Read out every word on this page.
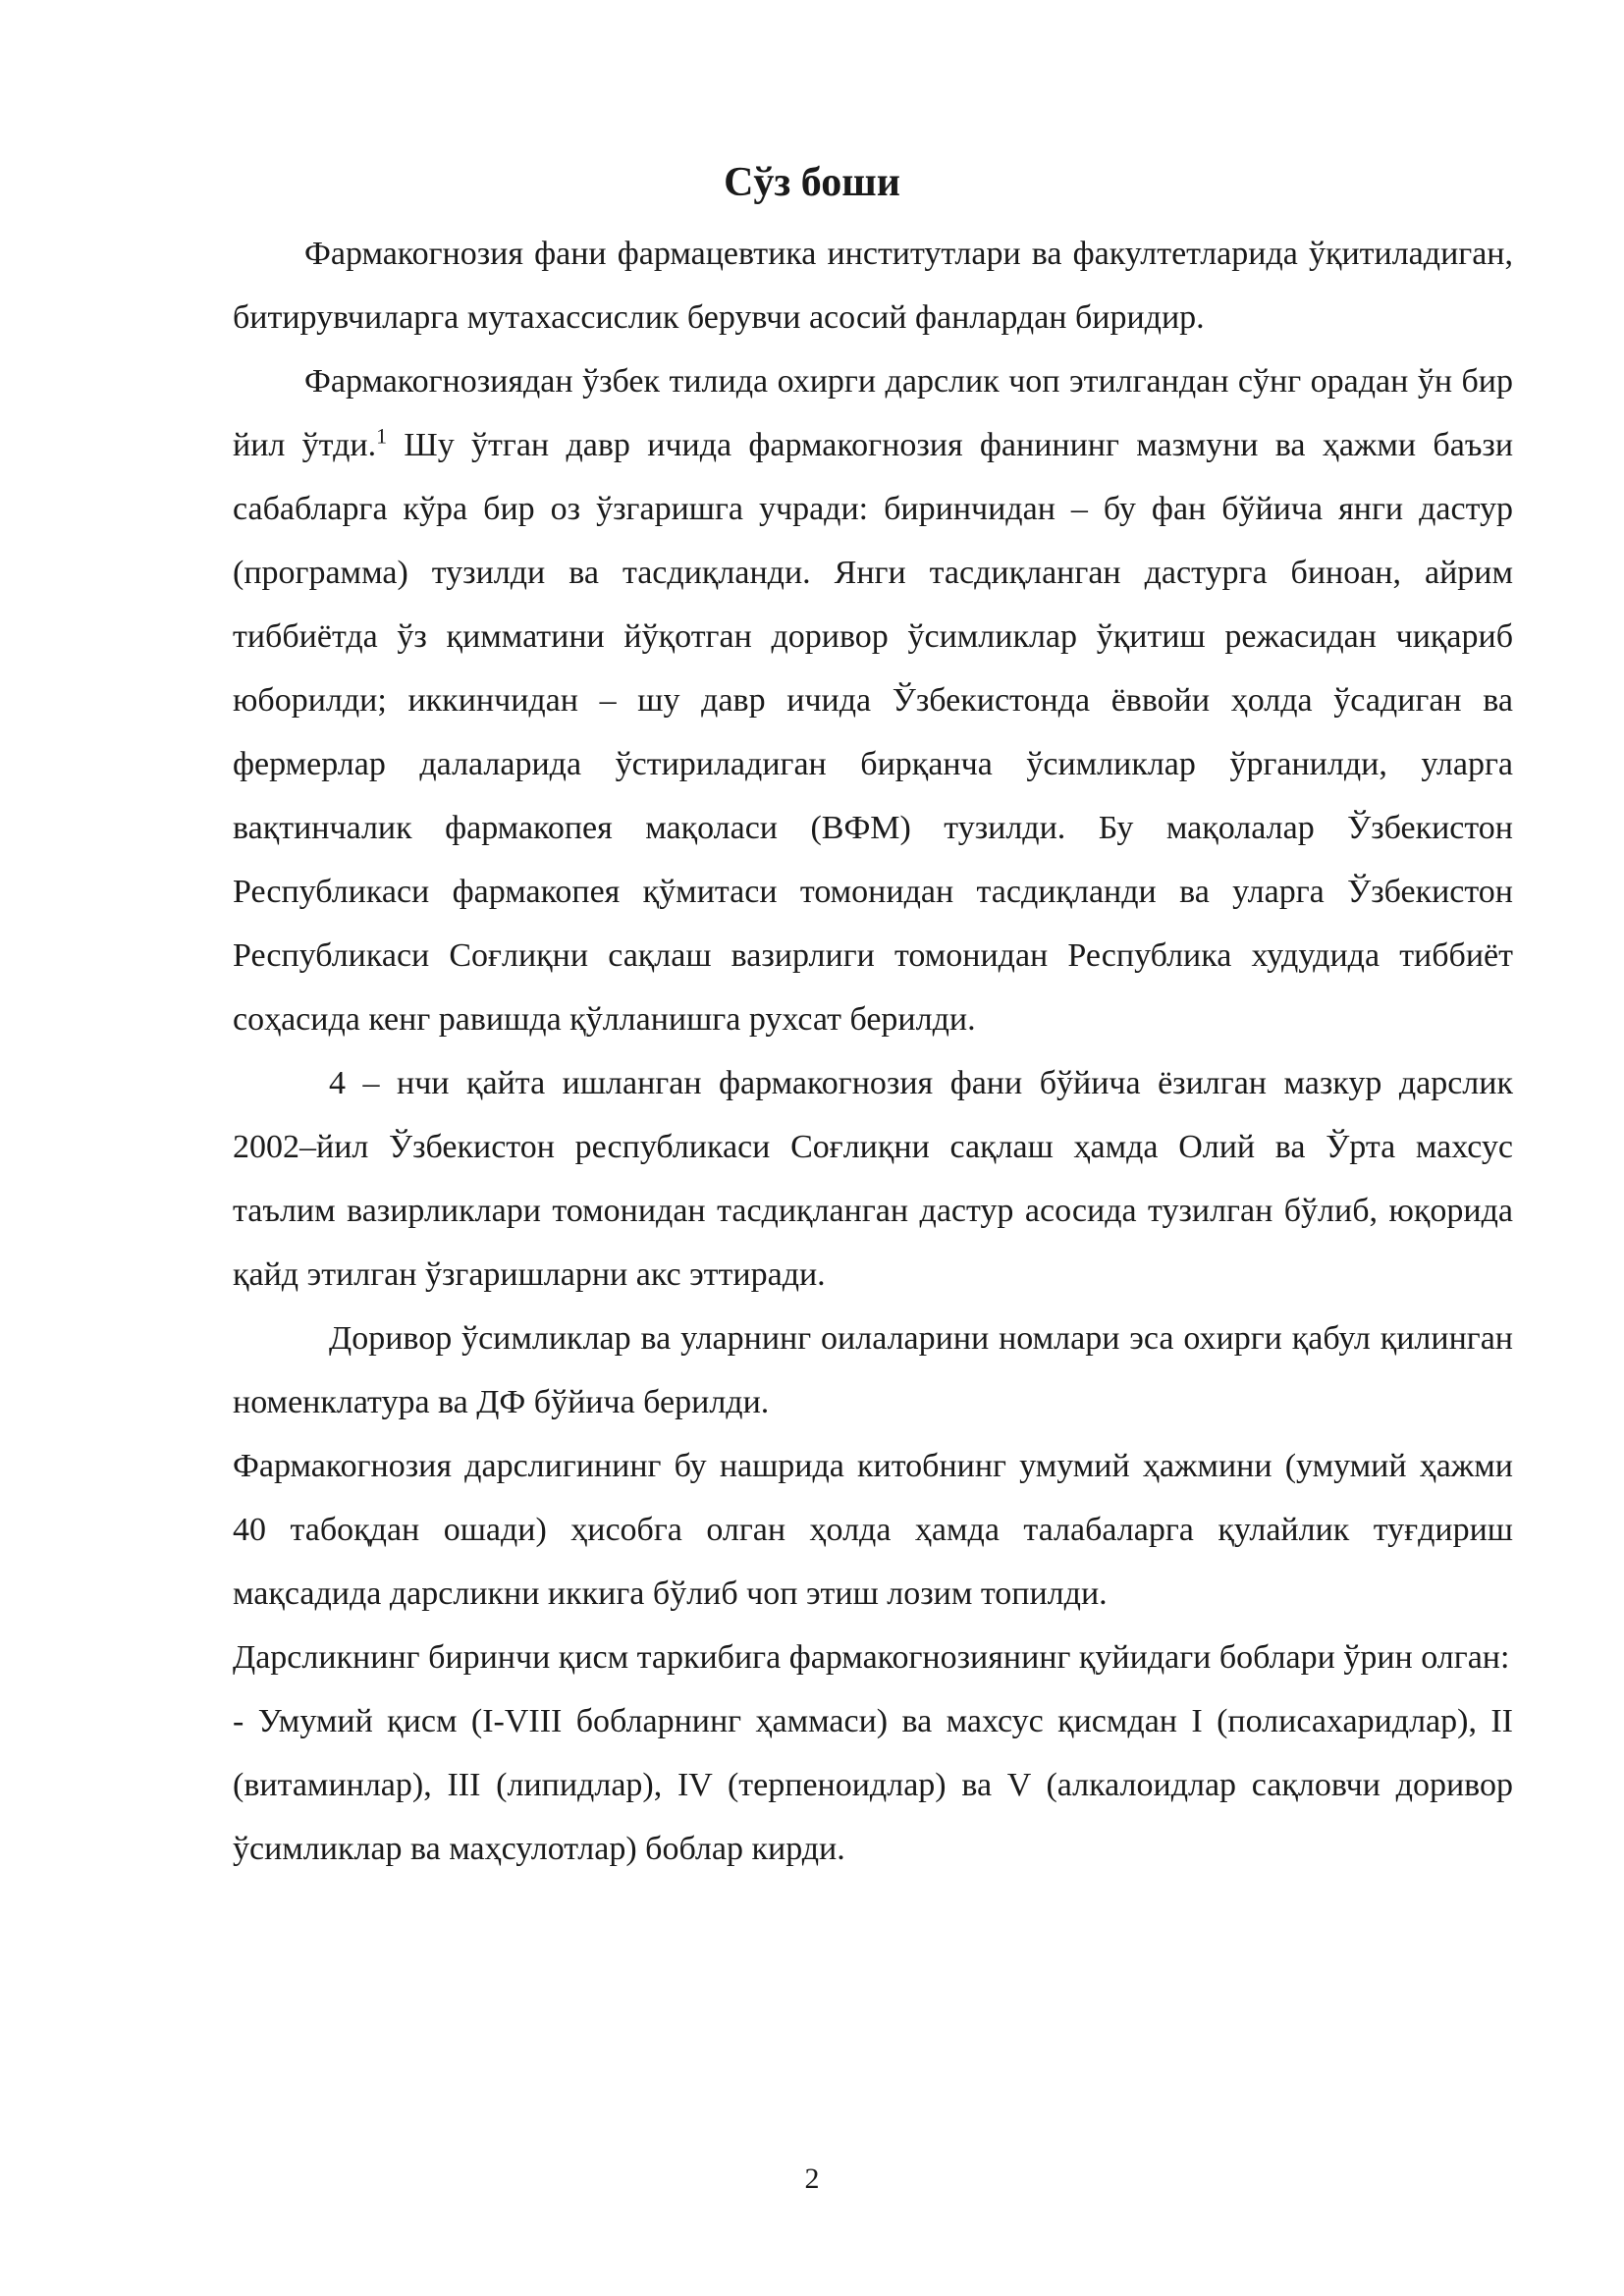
Сўз боши

Фармакогнозия фани фармацевтика институтлари ва факултетларида ўқитиладиган, битирувчиларга мутахассислик берувчи асосий фанлардан биридир.

Фармакогнозиядан ўзбек тилида охирги дарслик чоп этилгандан сўнг орадан ўн бир йил ўтди.$^1$ Шу ўтган давр ичида фармакогнозия фанининг мазмуни ва ҳажми баъзи сабабларга кўра бир оз ўзгаришга учради: биринчидан – бу фан бўйича янги дастур (программа) тузилди ва тасдиқланди. Янги тасдиқланган дастурга биноан, айрим тиббиётда ўз қимматини йўқотган доривор ўсимликлар ўқитиш режасидан чиқариб юборилди; иккинчидан – шу давр ичида Ўзбекистонда ёввойи ҳолда ўсадиган ва фермерлар далаларида ўстириладиган бирқанча ўсимликлар ўрганилди, уларга вақтинчалик фармакопея мақоласи (ВФМ) тузилди. Бу мақолалар Ўзбекистон Республикаси фармакопея қўмитаси томонидан тасдиқланди ва уларга Ўзбекистон Республикаси Соғлиқни сақлаш вазирлиги томонидан Республика худудида тиббиёт соҳасида кенг равишда қўлланишга рухсат берилди.

4 – нчи қайта ишланган фармакогнозия фани бўйича ёзилган мазкур дарслик 2002–йил Ўзбекистон республикаси Соғлиқни сақлаш ҳамда Олий ва Ўрта махсус таълим вазирликлари томонидан тасдиқланган дастур асосида тузилган бўлиб, юқорида қайд этилган ўзгаришларни акс эттиради.

Доривор ўсимликлар ва уларнинг оилаларини номлари эса охирги қабул қилинган номенклатура ва ДФ бўйича берилди.

Фармакогнозия дарслигининг бу нашрида китобнинг умумий ҳажмини (умумий ҳажми 40 табоқдан ошади) ҳисобга олган ҳолда ҳамда талабаларга қулайлик туғдириш мақсадида дарсликни иккига бўлиб чоп этиш лозим топилди.

Дарсликнинг биринчи қисм таркибига фармакогнозиянинг қуйидаги боблари ўрин олган:

- Умумий қисм (I-VIII бобларнинг ҳаммаси) ва махсус қисмдан I (полисахаридлар), II (витаминлар), III (липидлар), IV (терпеноидлар) ва V (алкалоидлар сақловчи доривор ўсимликлар ва маҳсулотлар) боблар кирди.

2
